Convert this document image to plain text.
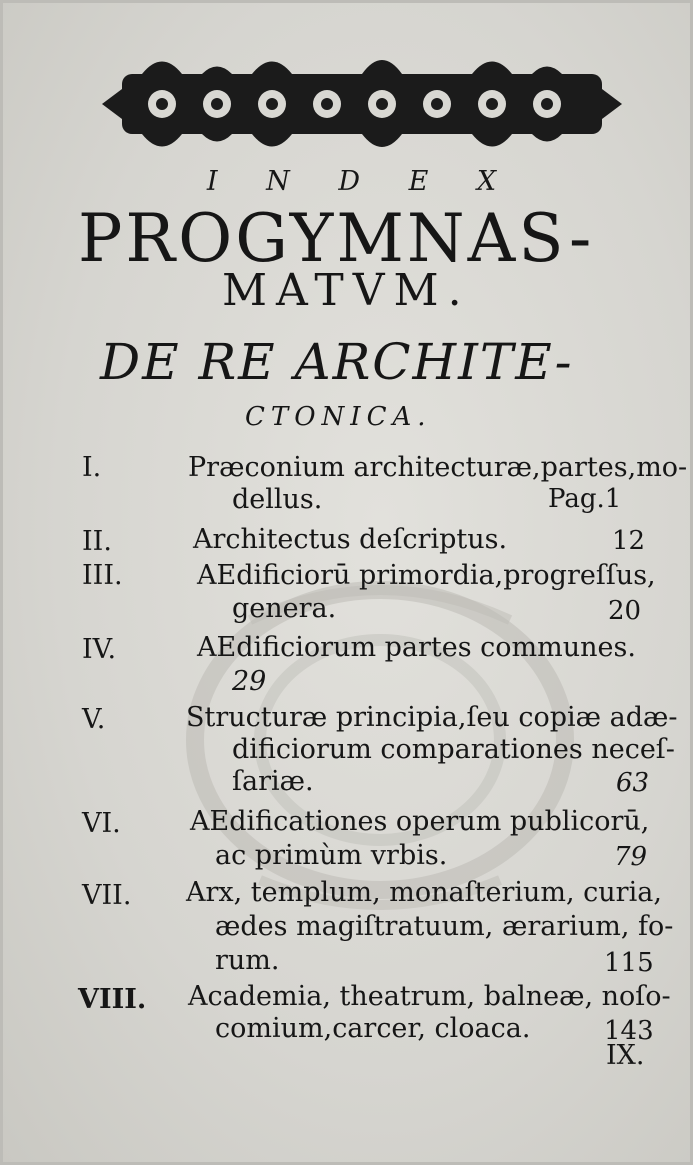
I N D E X
PROGYMNAS-
MATVM.
DE RE ARCHITE-
CTONICA.
I.	Prӕconium architecturӕ,partes,mo-
dellus.	Pag.1
II.	Architectus deſcriptus.	12
III.	AEdificiorū primordia,progreſſus,
genera.	20
IV.	AEdificiorum partes communes.
29
V.	Structuræ principia,ſeu copiæ adæ-
dificiorum comparationes neceſ-
ſariæ.	63
VI.	AEdificationes operum publicorū,
ac primùm vrbis.	79
VII. Arx, templum, monaſterium, curia,
ædes magiſtratuum, ærarium, fo-
rum.	115
VIII. Academia, theatrum, balneæ, noſo-
comium,carcer, cloaca.	143
IX.
